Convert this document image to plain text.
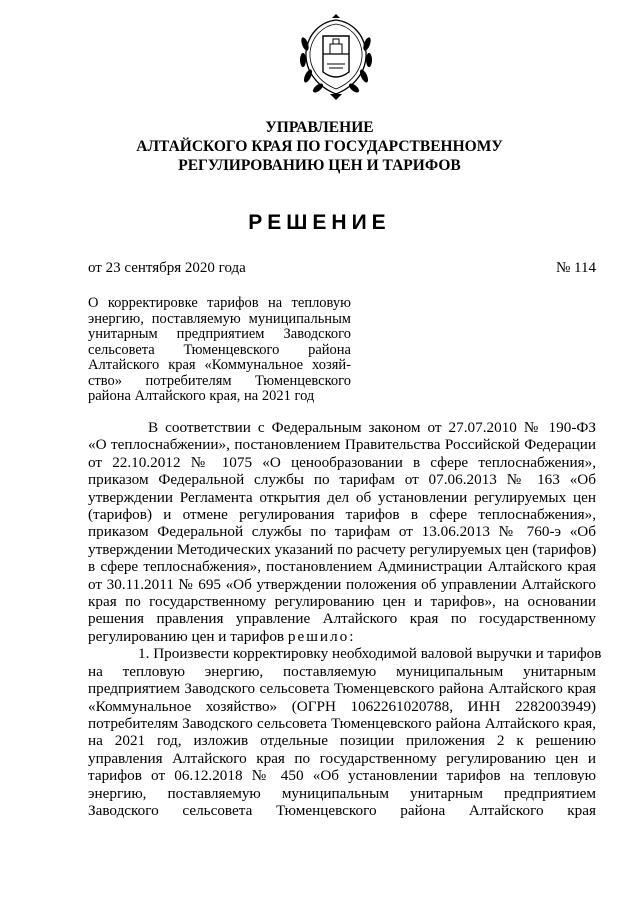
УПРАВЛЕНИЕ
АЛТАЙСКОГО КРАЯ ПО ГОСУДАРСТВЕННОМУ
РЕГУЛИРОВАНИЮ ЦЕН И ТАРИФОВ
РЕШЕНИЕ
от 23 сентября 2020 года	№ 114
О корректировке тарифов на тепловую
энергию, поставляемую муниципальным
унитарным предприятием Заводского
сельсовета Тюменцевского района
Алтайского края «Коммунальное хозяй-
ство» потребителям Тюменцевского
района Алтайского края, на 2021 год
В соответствии с Федеральным законом от 27.07.2010 № 190-ФЗ
«О теплоснабжении», постановлением Правительства Российской Федерации
от 22.10.2012 № 1075 «О ценообразовании в сфере теплоснабжения»,
приказом Федеральной службы по тарифам от 07.06.2013 № 163 «Об
утверждении Регламента открытия дел об установлении регулируемых цен
(тарифов) и отмене регулирования тарифов в сфере теплоснабжения»,
приказом Федеральной службы по тарифам от 13.06.2013 № 760-э «Об
утверждении Методических указаний по расчету регулируемых цен (тарифов)
в сфере теплоснабжения», постановлением Администрации Алтайского края
от 30.11.2011 № 695 «Об утверждении положения об управлении Алтайского
края по государственному регулированию цен и тарифов», на основании
решения правления управление Алтайского края по государственному
регулированию цен и тарифов решило:
1. Произвести корректировку необходимой валовой выручки и тарифов
на тепловую энергию, поставляемую муниципальным унитарным
предприятием Заводского сельсовета Тюменцевского района Алтайского края
«Коммунальное хозяйство» (ОГРН 1062261020788, ИНН 2282003949)
потребителям Заводского сельсовета Тюменцевского района Алтайского края,
на 2021 год, изложив отдельные позиции приложения 2 к решению
управления Алтайского края по государственному регулированию цен и
тарифов от 06.12.2018 № 450 «Об установлении тарифов на тепловую
энергию, поставляемую муниципальным унитарным предприятием
Заводского сельсовета Тюменцевского района Алтайского края
